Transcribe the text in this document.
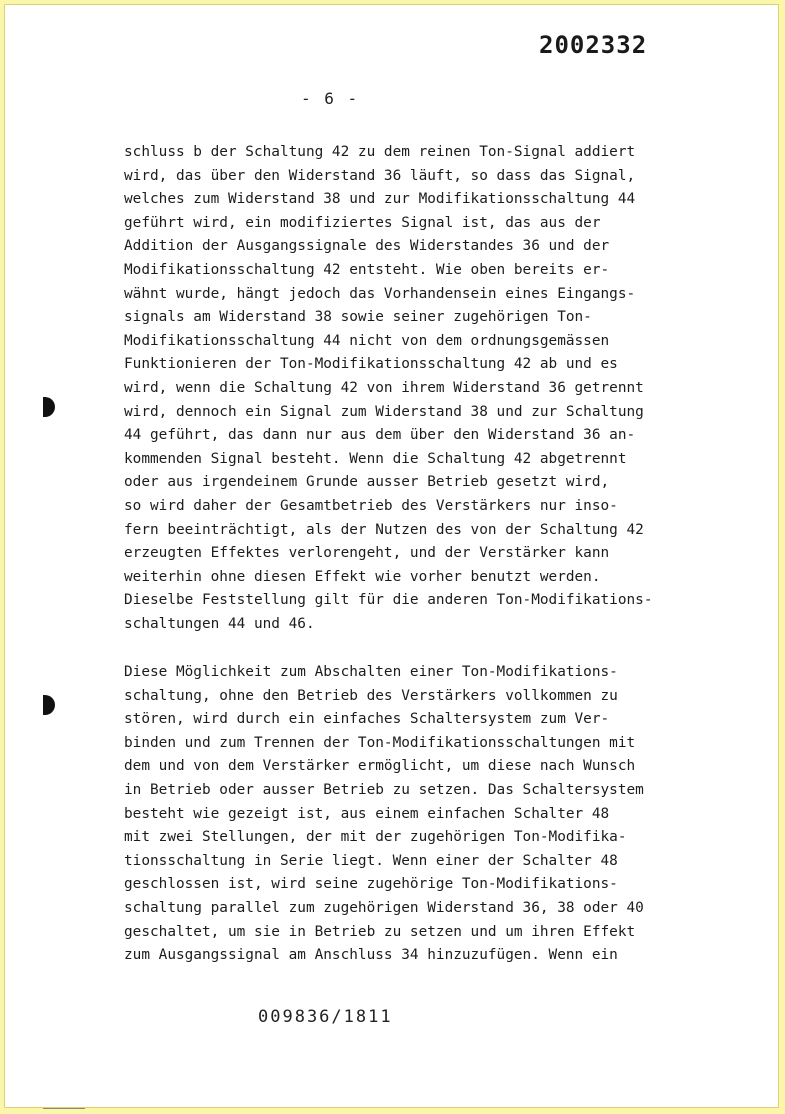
2002332
- 6 -
schluss b der Schaltung 42 zu dem reinen Ton-Signal addiert
wird, das über den Widerstand 36 läuft, so dass das Signal,
welches zum Widerstand 38 und zur Modifikationsschaltung 44
geführt wird, ein modifiziertes Signal ist, das aus der
Addition der Ausgangssignale des Widerstandes 36 und der
Modifikationsschaltung 42 entsteht. Wie oben bereits er-
wähnt wurde, hängt jedoch das Vorhandensein eines Eingangs-
signals am Widerstand 38 sowie seiner zugehörigen Ton-
Modifikationsschaltung 44 nicht von dem ordnungsgemässen
Funktionieren der Ton-Modifikationsschaltung 42 ab und es
wird, wenn die Schaltung 42 von ihrem Widerstand 36 getrennt
wird, dennoch ein Signal zum Widerstand 38 und zur Schaltung
44 geführt, das dann nur aus dem über den Widerstand 36 an-
kommenden Signal besteht. Wenn die Schaltung 42 abgetrennt
oder aus irgendeinem Grunde ausser Betrieb gesetzt wird,
so wird daher der Gesamtbetrieb des Verstärkers nur inso-
fern beeinträchtigt, als der Nutzen des von der Schaltung 42
erzeugten Effektes verlorengeht, und der Verstärker kann
weiterhin ohne diesen Effekt wie vorher benutzt werden.
Dieselbe Feststellung gilt für die anderen Ton-Modifikations-
schaltungen 44 und 46.
Diese Möglichkeit zum Abschalten einer Ton-Modifikations-
schaltung, ohne den Betrieb des Verstärkers vollkommen zu
stören, wird durch ein einfaches Schaltersystem zum Ver-
binden und zum Trennen der Ton-Modifikationsschaltungen mit
dem und von dem Verstärker ermöglicht, um diese nach Wunsch
in Betrieb oder ausser Betrieb zu setzen. Das Schaltersystem
besteht wie gezeigt ist, aus einem einfachen Schalter 48
mit zwei Stellungen, der mit der zugehörigen Ton-Modifika-
tionsschaltung in Serie liegt. Wenn einer der Schalter 48
geschlossen ist, wird seine zugehörige Ton-Modifikations-
schaltung parallel zum zugehörigen Widerstand 36, 38 oder 40
geschaltet, um sie in Betrieb zu setzen und um ihren Effekt
zum Ausgangssignal am Anschluss 34 hinzuzufügen. Wenn ein
009836/1811
